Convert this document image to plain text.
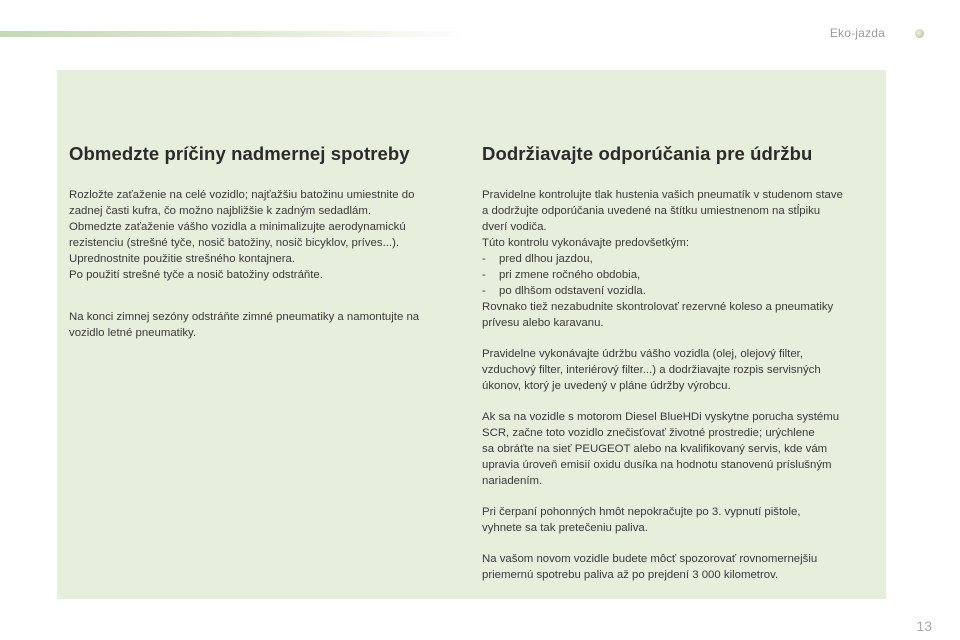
Eko-jazda
Obmedzte príčiny nadmernej spotreby

Rozložte zaťaženie na celé vozidlo; najťažšiu batožinu umiestnite do
zadnej časti kufra, čo možno najbližšie k zadným sedadlám.
Obmedzte zaťaženie vášho vozidla a minimalizujte aerodynamickú
rezistenciu (strešné tyče, nosič batožiny, nosič bicyklov, príves...).
Uprednostnite použitie strešného kontajnera.
Po použití strešné tyče a nosič batožiny odstráňte.

Na konci zimnej sezóny odstráňte zimné pneumatiky a namontujte na
vozidlo letné pneumatiky.

Dodržiavajte odporúčania pre údržbu

Pravidelne kontrolujte tlak hustenia vašich pneumatík v studenom stave
a dodržujte odporúčania uvedené na štítku umiestnenom na stĺpiku
dverí vodiča.
Túto kontrolu vykonávajte predovšetkým:
- pred dlhou jazdou,
- pri zmene ročného obdobia,
- po dlhšom odstavení vozidla.
Rovnako tiež nezabudnite skontrolovať rezervné koleso a pneumatiky
prívesu alebo karavanu.

Pravidelne vykonávajte údržbu vášho vozidla (olej, olejový filter,
vzduchový filter, interiérový filter...) a dodržiavajte rozpis servisných
úkonov, ktorý je uvedený v pláne údržby výrobcu.

Ak sa na vozidle s motorom Diesel BlueHDi vyskytne porucha systému
SCR, začne toto vozidlo znečisťovať životné prostredie; urýchlene
sa obráťte na sieť PEUGEOT alebo na kvalifikovaný servis, kde vám
upravia úroveň emisií oxidu dusíka na hodnotu stanovenú príslušným
nariadením.

Pri čerpaní pohonných hmôt nepokračujte po 3. vypnutí pištole,
vyhnete sa tak pretečeniu paliva.

Na vašom novom vozidle budete môcť spozorovať rovnomernejšiu
priemernú spotrebu paliva až po prejdení 3 000 kilometrov.

13
